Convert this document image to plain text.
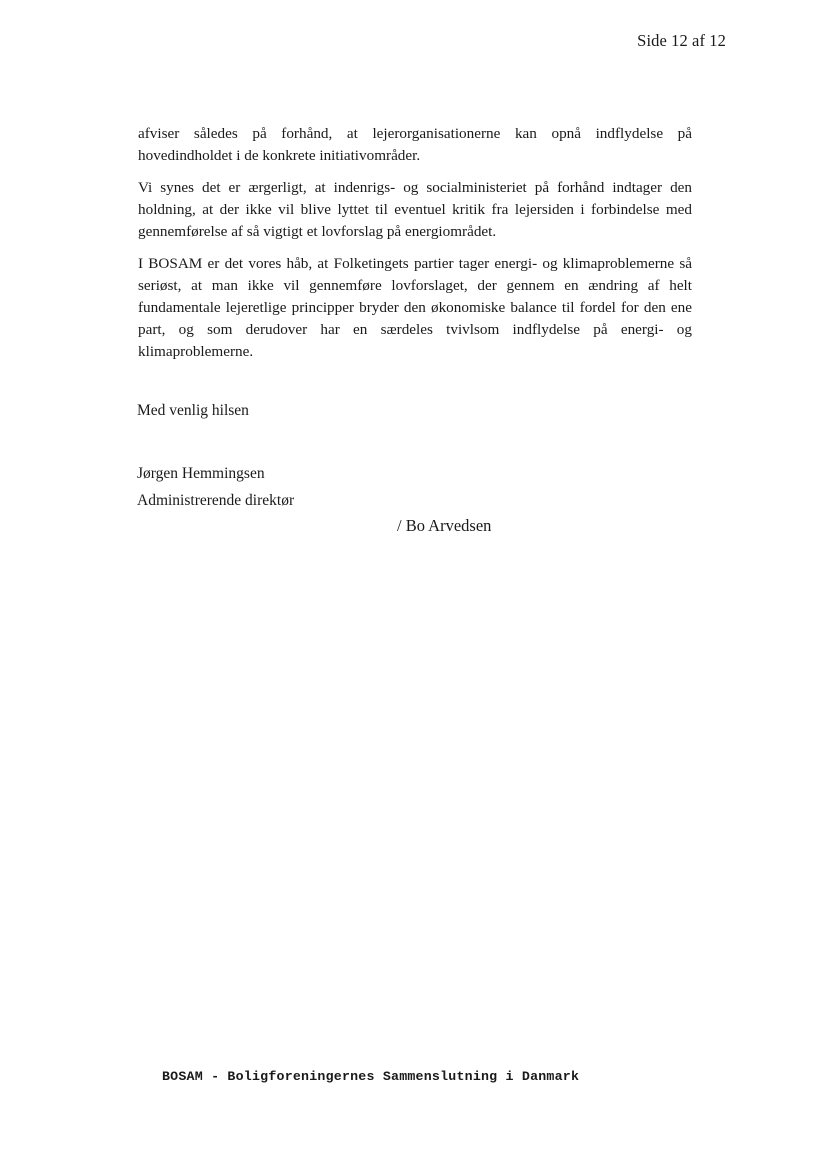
Side 12 af 12

afviser således på forhånd, at lejerorganisationerne kan opnå indflydelse på hovedindholdet i de konkrete initiativområder.

Vi synes det er ærgerligt, at indenrigs- og socialministeriet på forhånd indtager den holdning, at der ikke vil blive lyttet til eventuel kritik fra lejersiden i forbindelse med gennemførelse af så vigtigt et lovforslag på energiområdet.

I BOSAM er det vores håb, at Folketingets partier tager energi- og klimaproblemerne så seriøst, at man ikke vil gennemføre lovforslaget, der gennem en ændring af helt fundamentale lejeretlige principper bryder den økonomiske balance til fordel for den ene part, og som derudover har en særdeles tvivlsom indflydelse på energi- og klimaproblemerne.

Med venlig hilsen
Jørgen Hemmingsen
Administrerende direktør
/ Bo Arvedsen
BOSAM - Boligforeningernes Sammenslutning i Danmark
